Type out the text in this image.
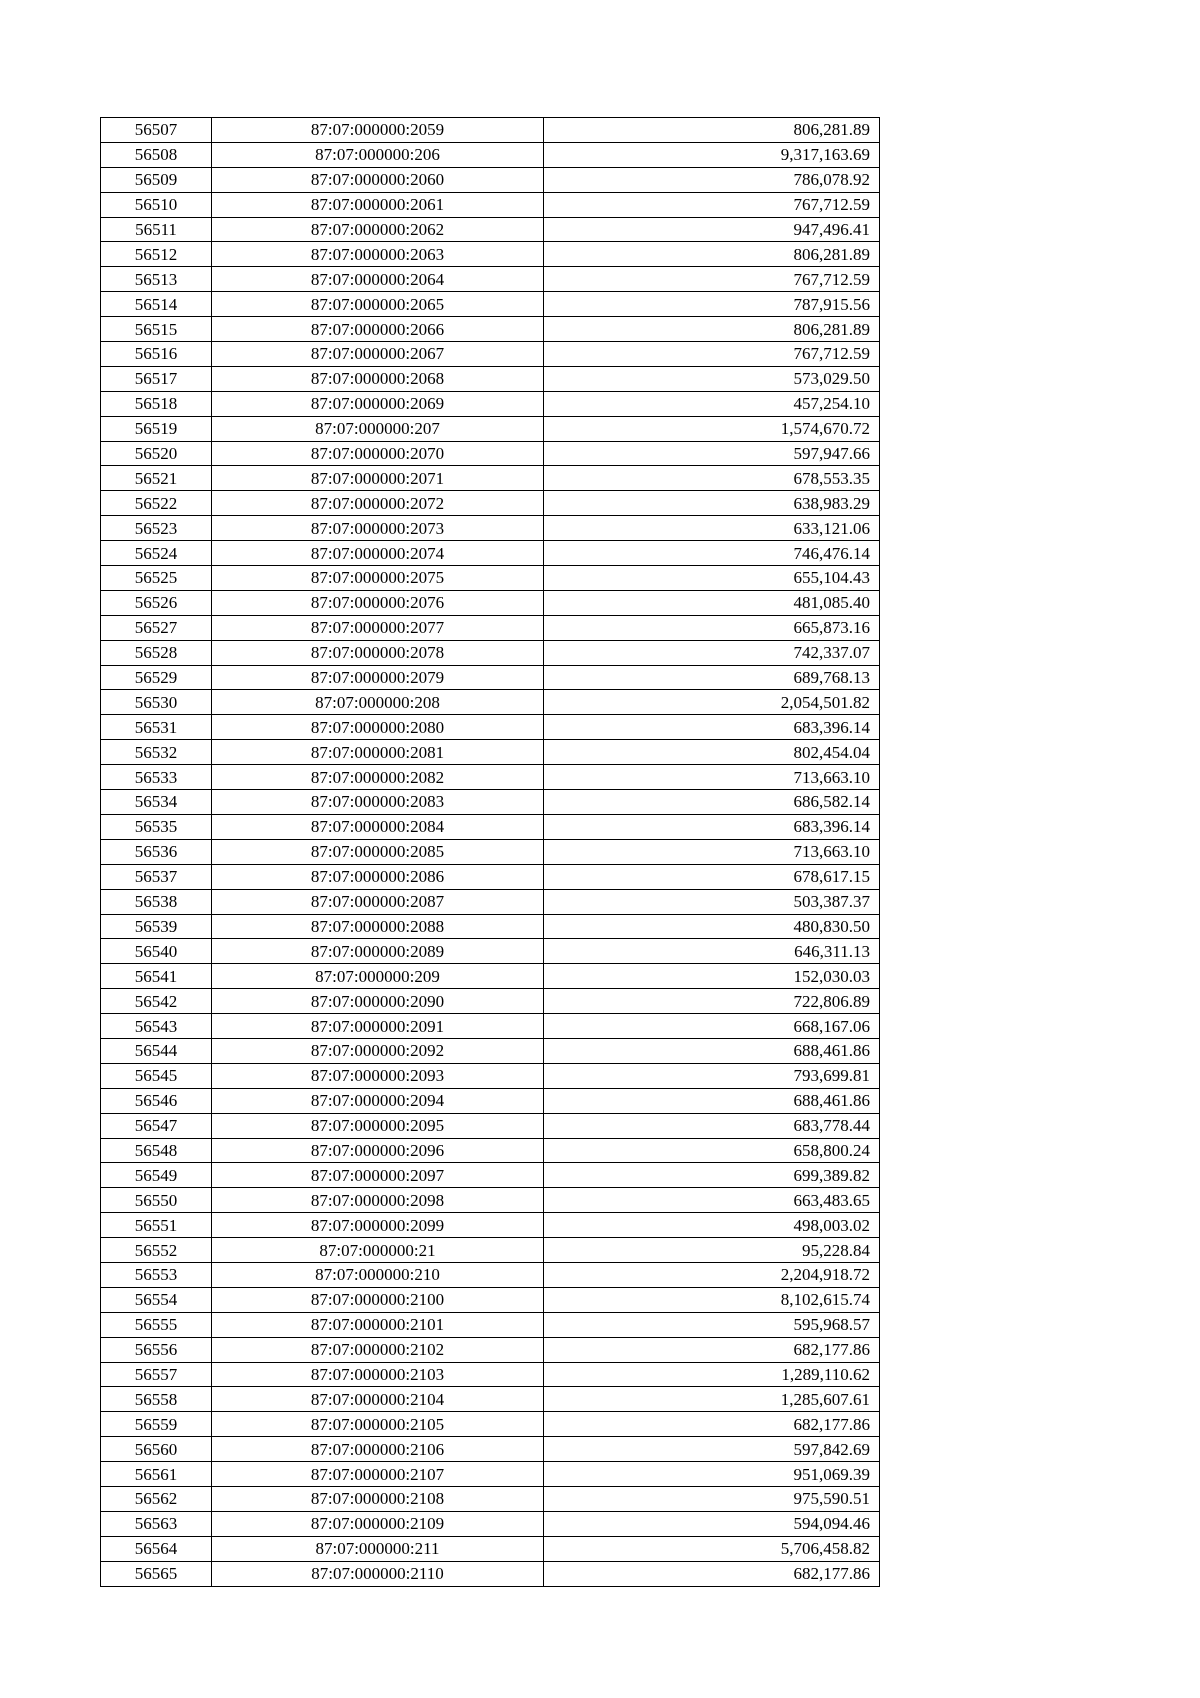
56507	87:07:000000:2059	806,281.89
56508	87:07:000000:206	9,317,163.69
56509	87:07:000000:2060	786,078.92
56510	87:07:000000:2061	767,712.59
56511	87:07:000000:2062	947,496.41
56512	87:07:000000:2063	806,281.89
56513	87:07:000000:2064	767,712.59
56514	87:07:000000:2065	787,915.56
56515	87:07:000000:2066	806,281.89
56516	87:07:000000:2067	767,712.59
56517	87:07:000000:2068	573,029.50
56518	87:07:000000:2069	457,254.10
56519	87:07:000000:207	1,574,670.72
56520	87:07:000000:2070	597,947.66
56521	87:07:000000:2071	678,553.35
56522	87:07:000000:2072	638,983.29
56523	87:07:000000:2073	633,121.06
56524	87:07:000000:2074	746,476.14
56525	87:07:000000:2075	655,104.43
56526	87:07:000000:2076	481,085.40
56527	87:07:000000:2077	665,873.16
56528	87:07:000000:2078	742,337.07
56529	87:07:000000:2079	689,768.13
56530	87:07:000000:208	2,054,501.82
56531	87:07:000000:2080	683,396.14
56532	87:07:000000:2081	802,454.04
56533	87:07:000000:2082	713,663.10
56534	87:07:000000:2083	686,582.14
56535	87:07:000000:2084	683,396.14
56536	87:07:000000:2085	713,663.10
56537	87:07:000000:2086	678,617.15
56538	87:07:000000:2087	503,387.37
56539	87:07:000000:2088	480,830.50
56540	87:07:000000:2089	646,311.13
56541	87:07:000000:209	152,030.03
56542	87:07:000000:2090	722,806.89
56543	87:07:000000:2091	668,167.06
56544	87:07:000000:2092	688,461.86
56545	87:07:000000:2093	793,699.81
56546	87:07:000000:2094	688,461.86
56547	87:07:000000:2095	683,778.44
56548	87:07:000000:2096	658,800.24
56549	87:07:000000:2097	699,389.82
56550	87:07:000000:2098	663,483.65
56551	87:07:000000:2099	498,003.02
56552	87:07:000000:21	95,228.84
56553	87:07:000000:210	2,204,918.72
56554	87:07:000000:2100	8,102,615.74
56555	87:07:000000:2101	595,968.57
56556	87:07:000000:2102	682,177.86
56557	87:07:000000:2103	1,289,110.62
56558	87:07:000000:2104	1,285,607.61
56559	87:07:000000:2105	682,177.86
56560	87:07:000000:2106	597,842.69
56561	87:07:000000:2107	951,069.39
56562	87:07:000000:2108	975,590.51
56563	87:07:000000:2109	594,094.46
56564	87:07:000000:211	5,706,458.82
56565	87:07:000000:2110	682,177.86
